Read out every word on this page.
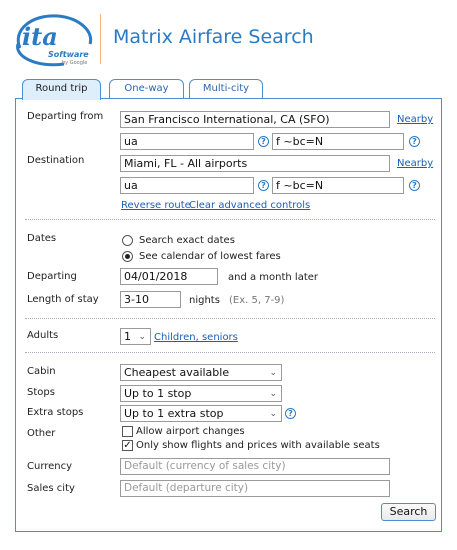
ita
Software
by Google
Matrix Airfare Search
Round trip	One-way	Multi-city
Departing from	San Francisco International, CA (SFO)	Nearby
ua	? f ~bc=N	?
Destination	Miami, FL - All airports	Nearby
ua	? f ~bc=N	?
Reverse route
Clear advanced controls
Dates	Search exact dates
See calendar of lowest fares
Departing	04/01/2018	and a month later
Length of stay	3-10	nights (Ex. 5, 7-9)
Adults	1 ⌄ Children, seniors
Cabin	Cheapest available	⌄
Stops	Up to 1 stop	⌄
Extra stops	Up to 1 extra stop	⌄	?
Other	Allow airport changes
✓ Only show flights and prices with available seats
Currency	Default (currency of sales city)
Sales city	Default (departure city)
Search
